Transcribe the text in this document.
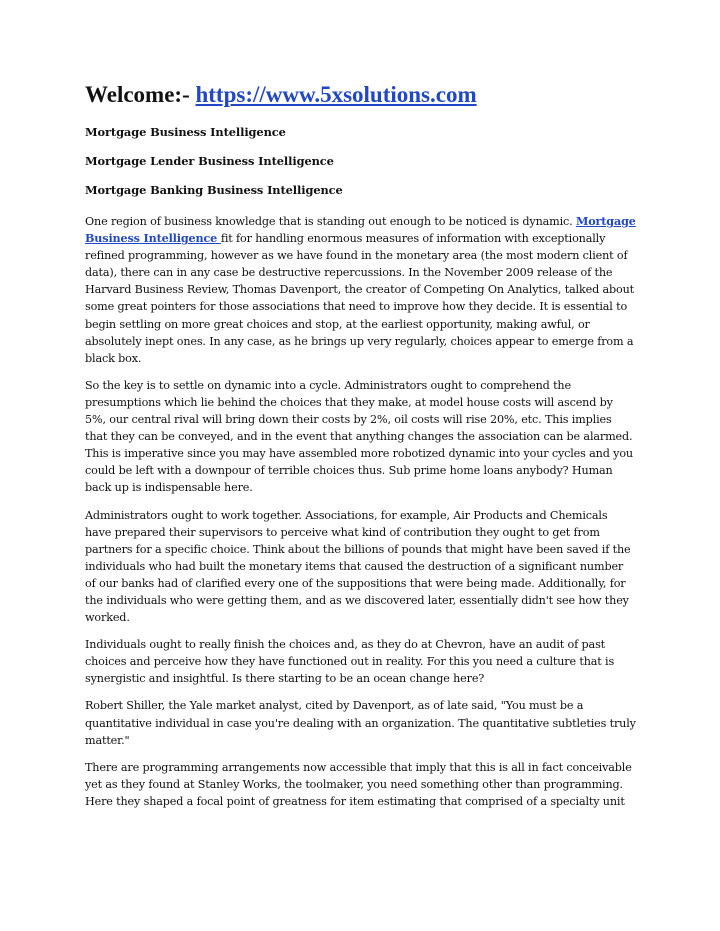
Welcome:- https://www.5xsolutions.com
Mortgage Business Intelligence
Mortgage Lender Business Intelligence
Mortgage Banking Business Intelligence

One region of business knowledge that is standing out enough to be noticed is dynamic. Mortgage Business Intelligence fit for handling enormous measures of information with exceptionally refined programming, however as we have found in the monetary area (the most modern client of data), there can in any case be destructive repercussions. In the November 2009 release of the Harvard Business Review, Thomas Davenport, the creator of Competing On Analytics, talked about some great pointers for those associations that need to improve how they decide. It is essential to begin settling on more great choices and stop, at the earliest opportunity, making awful, or absolutely inept ones. In any case, as he brings up very regularly, choices appear to emerge from a black box.

So the key is to settle on dynamic into a cycle. Administrators ought to comprehend the presumptions which lie behind the choices that they make, at model house costs will ascend by 5%, our central rival will bring down their costs by 2%, oil costs will rise 20%, etc. This implies that they can be conveyed, and in the event that anything changes the association can be alarmed. This is imperative since you may have assembled more robotized dynamic into your cycles and you could be left with a downpour of terrible choices thus. Sub prime home loans anybody? Human back up is indispensable here.

Administrators ought to work together. Associations, for example, Air Products and Chemicals have prepared their supervisors to perceive what kind of contribution they ought to get from partners for a specific choice. Think about the billions of pounds that might have been saved if the individuals who had built the monetary items that caused the destruction of a significant number of our banks had of clarified every one of the suppositions that were being made. Additionally, for the individuals who were getting them, and as we discovered later, essentially didn't see how they worked.

Individuals ought to really finish the choices and, as they do at Chevron, have an audit of past choices and perceive how they have functioned out in reality. For this you need a culture that is synergistic and insightful. Is there starting to be an ocean change here?

Robert Shiller, the Yale market analyst, cited by Davenport, as of late said, "You must be a quantitative individual in case you're dealing with an organization. The quantitative subtleties truly matter."

There are programming arrangements now accessible that imply that this is all in fact conceivable yet as they found at Stanley Works, the toolmaker, you need something other than programming. Here they shaped a focal point of greatness for item estimating that comprised of a specialty unit
